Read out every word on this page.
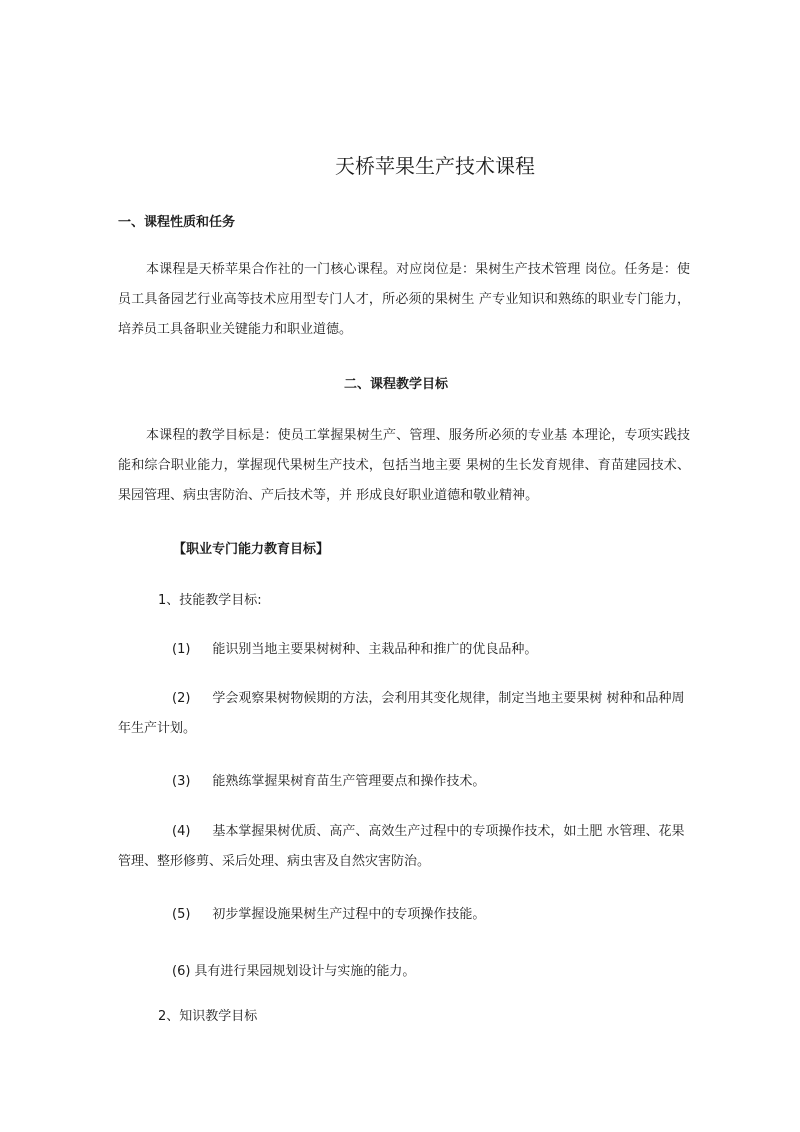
天桥苹果生产技术课程
一、课程性质和任务

本课程是天桥苹果合作社的一门核心课程。对应岗位是：果树生产技术管理 岗位。任务是：使员工具备园艺行业高等技术应用型专门人才，所必须的果树生 产专业知识和熟练的职业专门能力，培养员工具备职业关键能力和职业道德。

二、课程教学目标

本课程的教学目标是：使员工掌握果树生产、管理、服务所必须的专业基 本理论，专项实践技能和综合职业能力，掌握现代果树生产技术，包括当地主要 果树的生长发育规律、育苗建园技术、果园管理、病虫害防治、产后技术等，并 形成良好职业道德和敬业精神。

【职业专门能力教育目标】
1、技能教学目标:

(1) 能识别当地主要果树树种、主栽品种和推广的优良品种。

(2) 学会观察果树物候期的方法，会利用其变化规律，制定当地主要果树 树种和品种周年生产计划。

(3) 能熟练掌握果树育苗生产管理要点和操作技术。

(4) 基本掌握果树优质、高产、高效生产过程中的专项操作技术，如土肥 水管理、花果管理、整形修剪、采后处理、病虫害及自然灾害防治。

(5) 初步掌握设施果树生产过程中的专项操作技能。

(6) 具有进行果园规划设计与实施的能力。

2、知识教学目标
